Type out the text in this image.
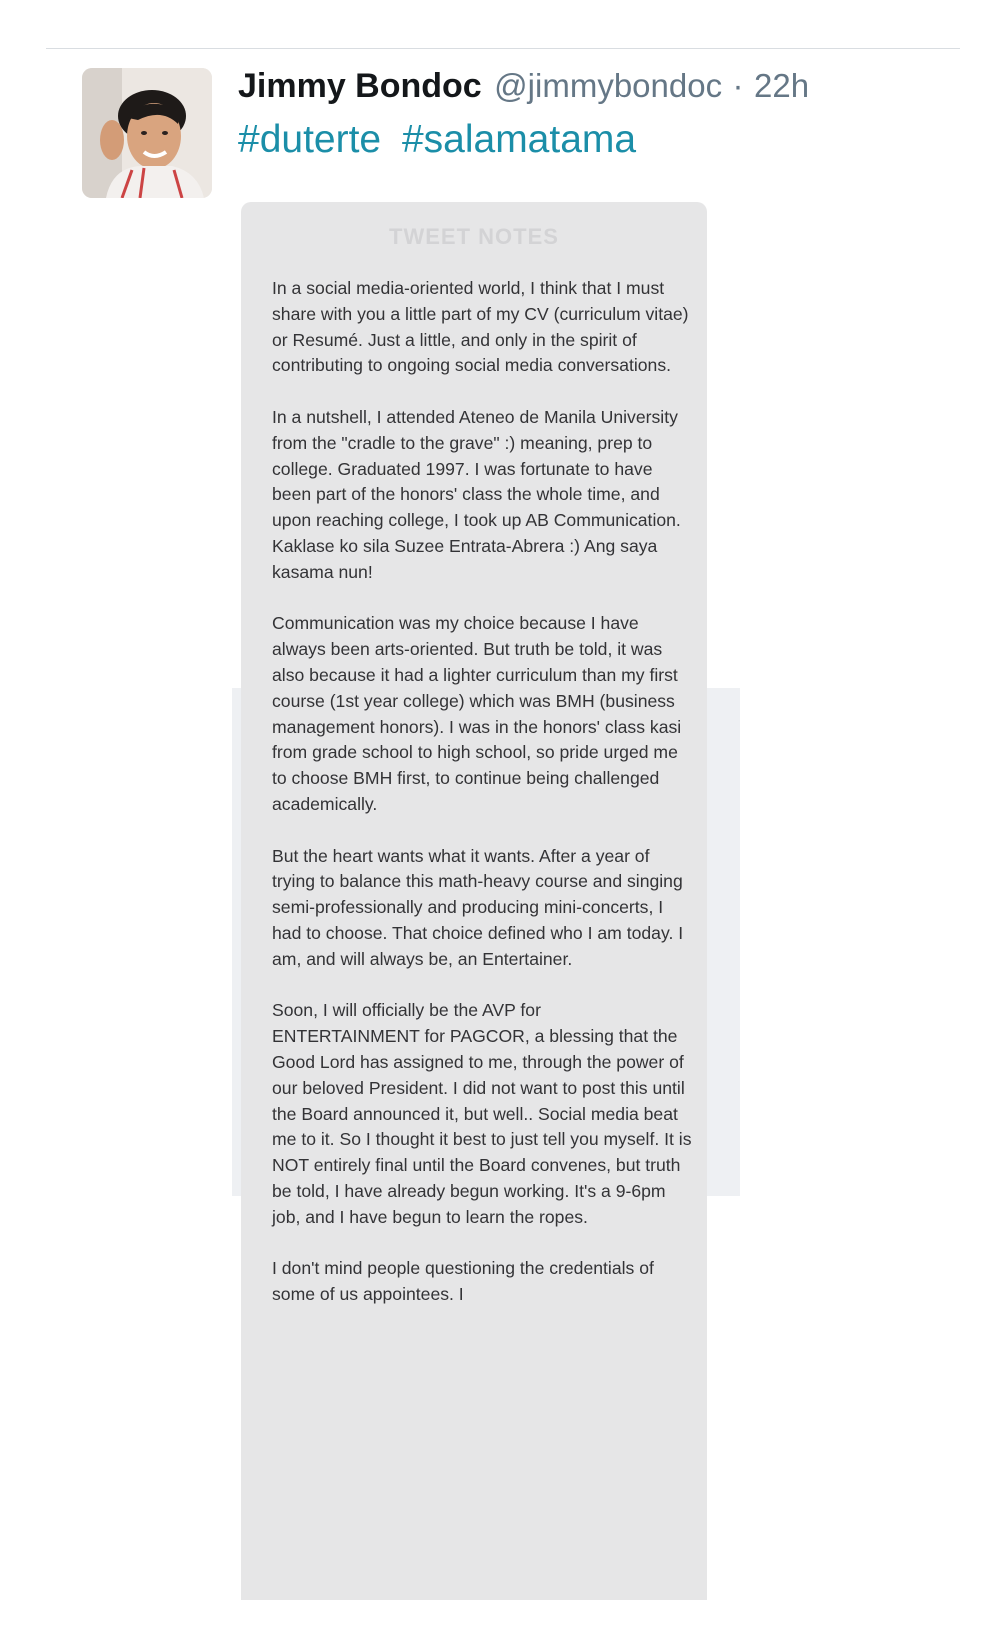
Jimmy Bondoc @jimmybondoc · 22h
#duterte #salamatama
TWEET NOTES

In a social media-oriented world, I think that I must share with you a little part of my CV (curriculum vitae) or Resumé. Just a little, and only in the spirit of contributing to ongoing social media conversations.

In a nutshell, I attended Ateneo de Manila University from the "cradle to the grave" :) meaning, prep to college. Graduated 1997. I was fortunate to have been part of the honors' class the whole time, and upon reaching college, I took up AB Communication. Kaklase ko sila Suzee Entrata-Abrera :) Ang saya kasama nun!

Communication was my choice because I have always been arts-oriented. But truth be told, it was also because it had a lighter curriculum than my first course (1st year college) which was BMH (business management honors). I was in the honors' class kasi from grade school to high school, so pride urged me to choose BMH first, to continue being challenged academically.

But the heart wants what it wants. After a year of trying to balance this math-heavy course and singing semi-professionally and producing mini-concerts, I had to choose. That choice defined who I am today. I am, and will always be, an Entertainer.

Soon, I will officially be the AVP for ENTERTAINMENT for PAGCOR, a blessing that the Good Lord has assigned to me, through the power of our beloved President. I did not want to post this until the Board announced it, but well.. Social media beat me to it. So I thought it best to just tell you myself. It is NOT entirely final until the Board convenes, but truth be told, I have already begun working. It's a 9-6pm job, and I have begun to learn the ropes.

I don't mind people questioning the credentials of some of us appointees. I
